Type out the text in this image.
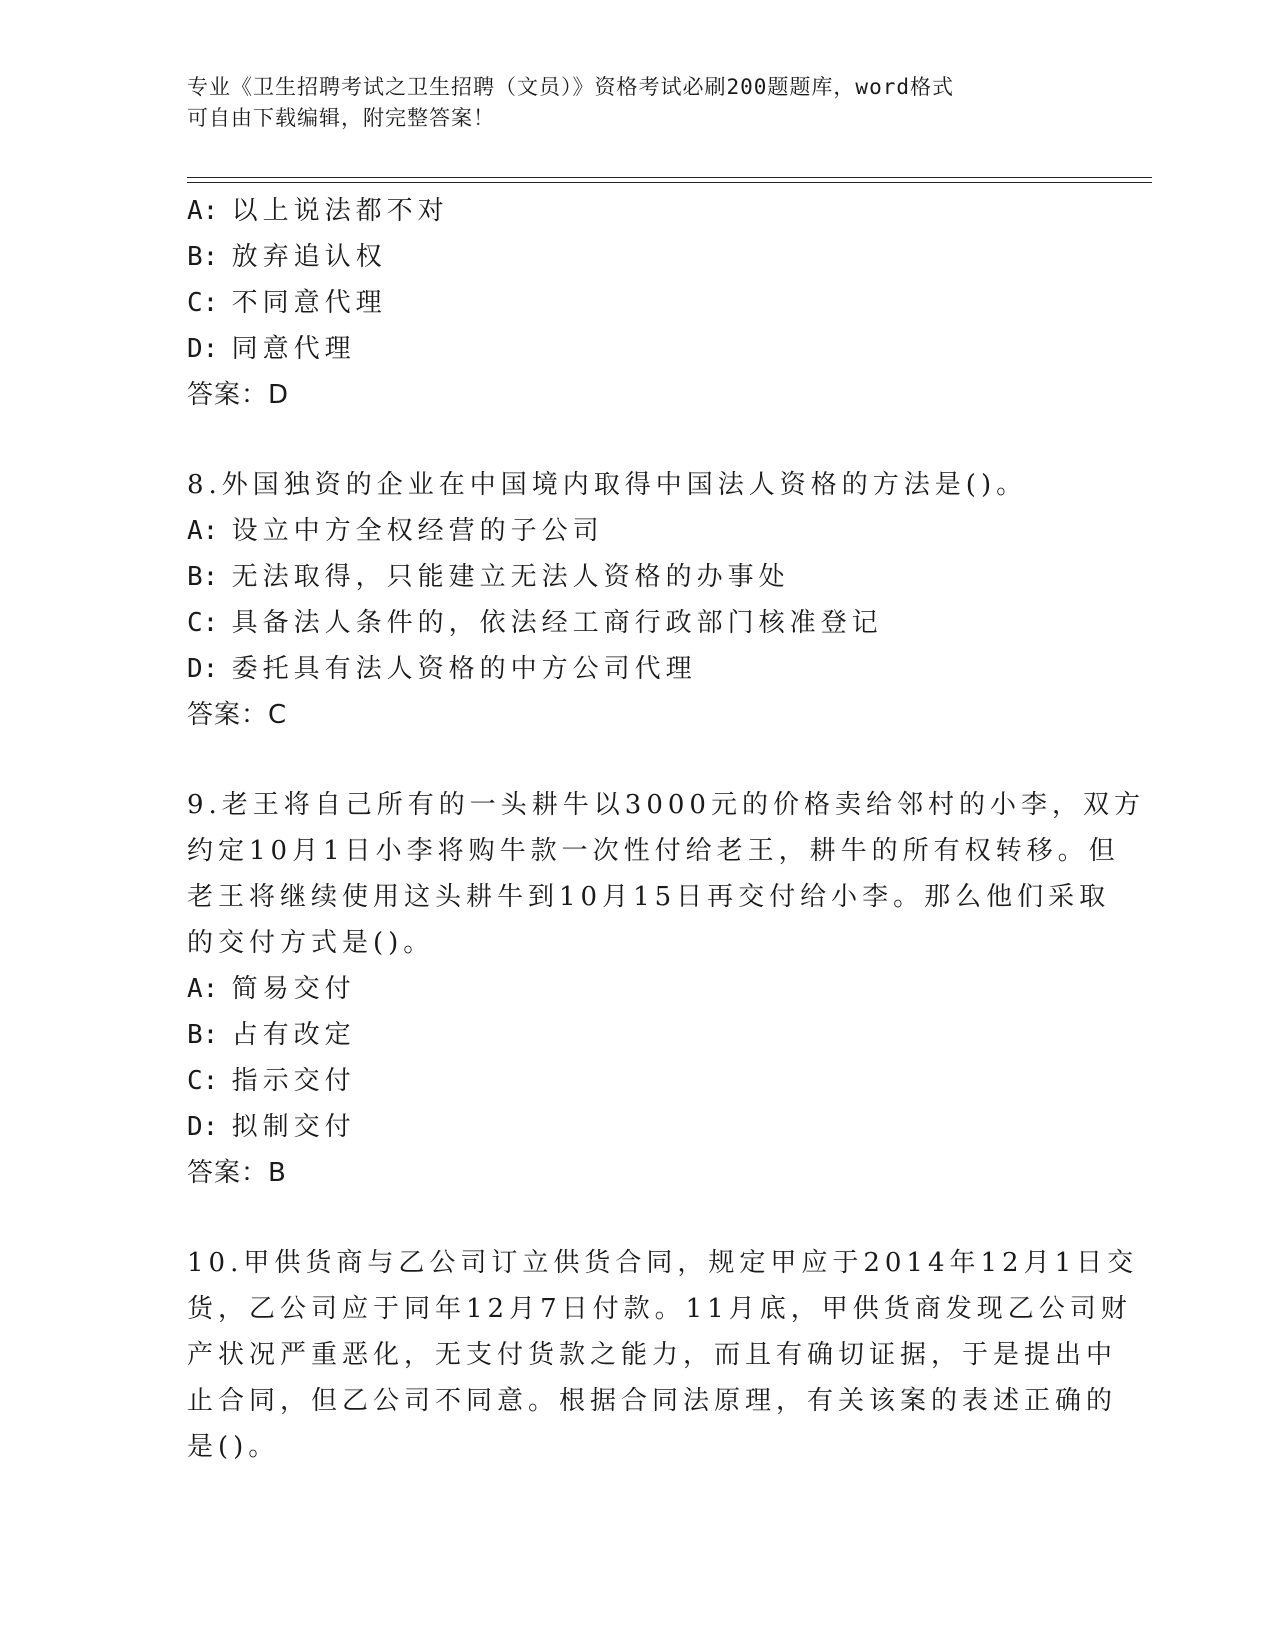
专业《卫生招聘考试之卫生招聘（文员）》资格考试必刷200题题库，word格式
可自由下载编辑，附完整答案！
A: 以上说法都不对
B: 放弃追认权
C: 不同意代理
D: 同意代理
答案：D
8.外国独资的企业在中国境内取得中国法人资格的方法是()。
A: 设立中方全权经营的子公司
B: 无法取得，只能建立无法人资格的办事处
C: 具备法人条件的，依法经工商行政部门核准登记
D: 委托具有法人资格的中方公司代理
答案：C
9.老王将自己所有的一头耕牛以3000元的价格卖给邻村的小李，双方
约定10月1日小李将购牛款一次性付给老王，耕牛的所有权转移。但
老王将继续使用这头耕牛到10月15日再交付给小李。那么他们采取
的交付方式是()。
A: 简易交付
B: 占有改定
C: 指示交付
D: 拟制交付
答案：B
10.甲供货商与乙公司订立供货合同，规定甲应于2014年12月1日交
货，乙公司应于同年12月7日付款。11月底，甲供货商发现乙公司财
产状况严重恶化，无支付货款之能力，而且有确切证据，于是提出中
止合同，但乙公司不同意。根据合同法原理，有关该案的表述正确的
是()。
